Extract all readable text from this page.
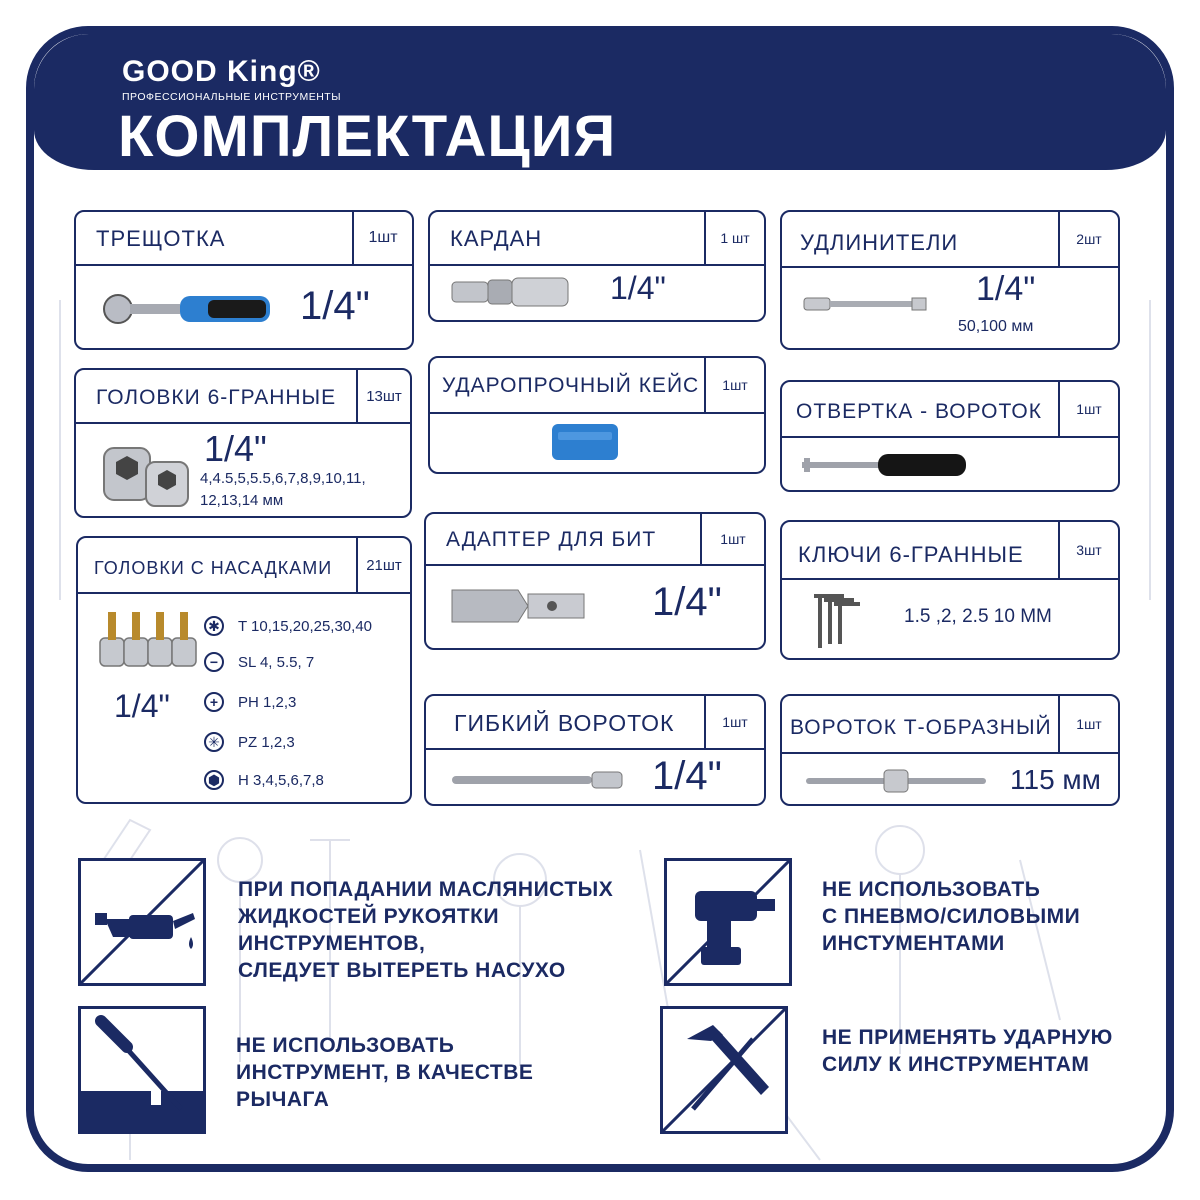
GOOD King®
ПРОФЕССИОНАЛЬНЫЕ ИНСТРУМЕНТЫ
КОМПЛЕКТАЦИЯ
ТРЕЩОТКА	1шт
1/4"
ГОЛОВКИ 6-ГРАННЫЕ	13шт
1/4"
4,4.5,5,5.5,6,7,8,9,10,11,
12,13,14 мм
ГОЛОВКИ С НАСАДКАМИ	21шт
1/4"
✱ T 10,15,20,25,30,40
−	SL 4, 5.5, 7
+	PH 1,2,3
✳ PZ 1,2,3
⬢ H 3,4,5,6,7,8
КАРДАН	1 шт
1/4"
УДАРОПРОЧНЫЙ КЕЙС	1шт
АДАПТЕР ДЛЯ БИТ	1шт
1/4"
ГИБКИЙ ВОРОТОК	1шт
1/4"
УДЛИНИТЕЛИ	2шт
1/4"
50,100 мм
ОТВЕРТКА - ВОРОТОК	1шт
КЛЮЧИ 6-ГРАННЫЕ	3шт
1.5 ,2, 2.5 10 ММ
ВОРОТОК Т-ОБРАЗНЫЙ	1шт
115 мм
ПРИ ПОПАДАНИИ МАСЛЯНИСТЫХ
ЖИДКОСТЕЙ РУКОЯТКИ
ИНСТРУМЕНТОВ,
СЛЕДУЕТ ВЫТЕРЕТЬ НАСУХО
НЕ ИСПОЛЬЗОВАТЬ
С ПНЕВМО/СИЛОВЫМИ
ИНСТУМЕНТАМИ
НЕ ИСПОЛЬЗОВАТЬ
ИНСТРУМЕНТ, В КАЧЕСТВЕ
РЫЧАГА
НЕ ПРИМЕНЯТЬ УДАРНУЮ
СИЛУ К ИНСТРУМЕНТАМ
